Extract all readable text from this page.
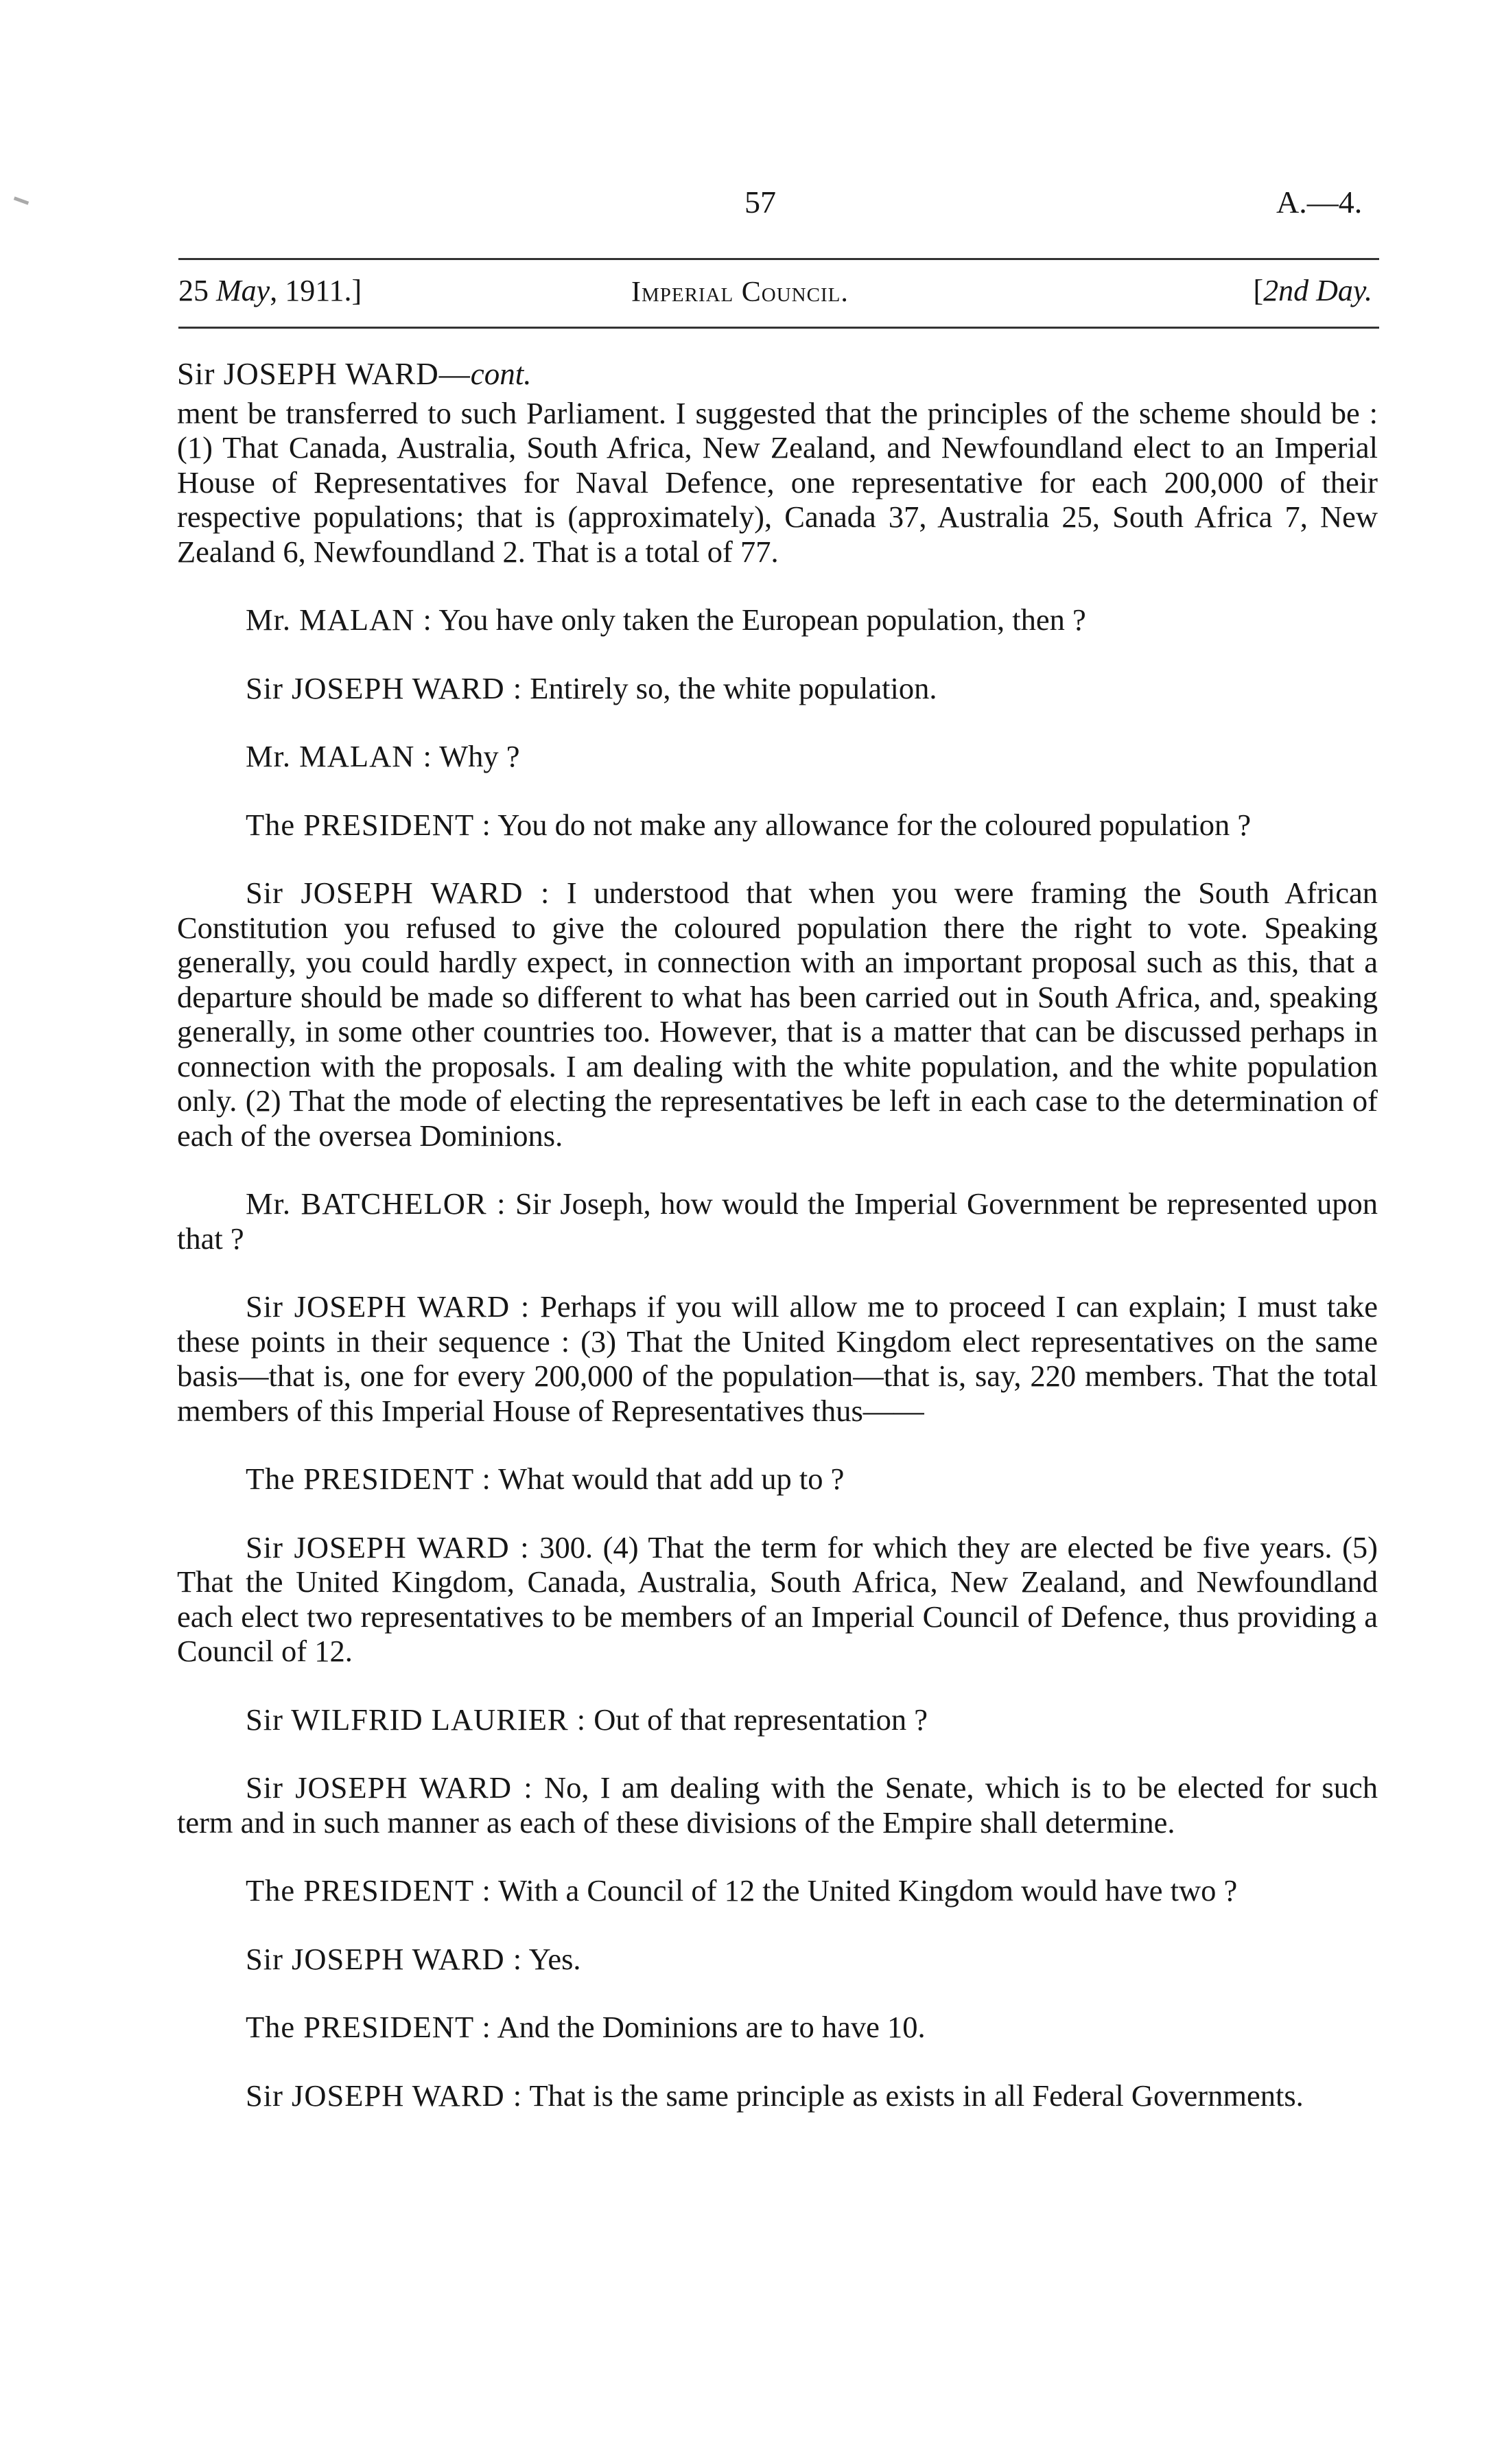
57	A.—4.
25 May, 1911.]	Imperial Council.	[2nd Day.

Sir JOSEPH WARD—cont.

ment be transferred to such Parliament. I suggested that the principles of the scheme should be : (1) That Canada, Australia, South Africa, New Zealand, and Newfoundland elect to an Imperial House of Representatives for Naval Defence, one representative for each 200,000 of their respective populations; that is (approximately), Canada 37, Australia 25, South Africa 7, New Zealand 6, Newfoundland 2. That is a total of 77.

Mr. MALAN : You have only taken the European population, then ?

Sir JOSEPH WARD : Entirely so, the white population.

Mr. MALAN : Why ?

The PRESIDENT : You do not make any allowance for the coloured population ?

Sir JOSEPH WARD : I understood that when you were framing the South African Constitution you refused to give the coloured population there the right to vote. Speaking generally, you could hardly expect, in connection with an important proposal such as this, that a departure should be made so different to what has been carried out in South Africa, and, speaking generally, in some other countries too. However, that is a matter that can be discussed perhaps in connection with the proposals. I am dealing with the white population, and the white population only. (2) That the mode of electing the representatives be left in each case to the determination of each of the oversea Dominions.

Mr. BATCHELOR : Sir Joseph, how would the Imperial Government be represented upon that ?

Sir JOSEPH WARD : Perhaps if you will allow me to proceed I can explain; I must take these points in their sequence : (3) That the United Kingdom elect representatives on the same basis—that is, one for every 200,000 of the population—that is, say, 220 members. That the total members of this Imperial House of Representatives thus——

The PRESIDENT : What would that add up to ?

Sir JOSEPH WARD : 300. (4) That the term for which they are elected be five years. (5) That the United Kingdom, Canada, Australia, South Africa, New Zealand, and Newfoundland each elect two representatives to be members of an Imperial Council of Defence, thus providing a Council of 12.

Sir WILFRID LAURIER : Out of that representation ?

Sir JOSEPH WARD : No, I am dealing with the Senate, which is to be elected for such term and in such manner as each of these divisions of the Empire shall determine.

The PRESIDENT : With a Council of 12 the United Kingdom would have two ?

Sir JOSEPH WARD : Yes.

The PRESIDENT : And the Dominions are to have 10.

Sir JOSEPH WARD : That is the same principle as exists in all Federal Governments.
